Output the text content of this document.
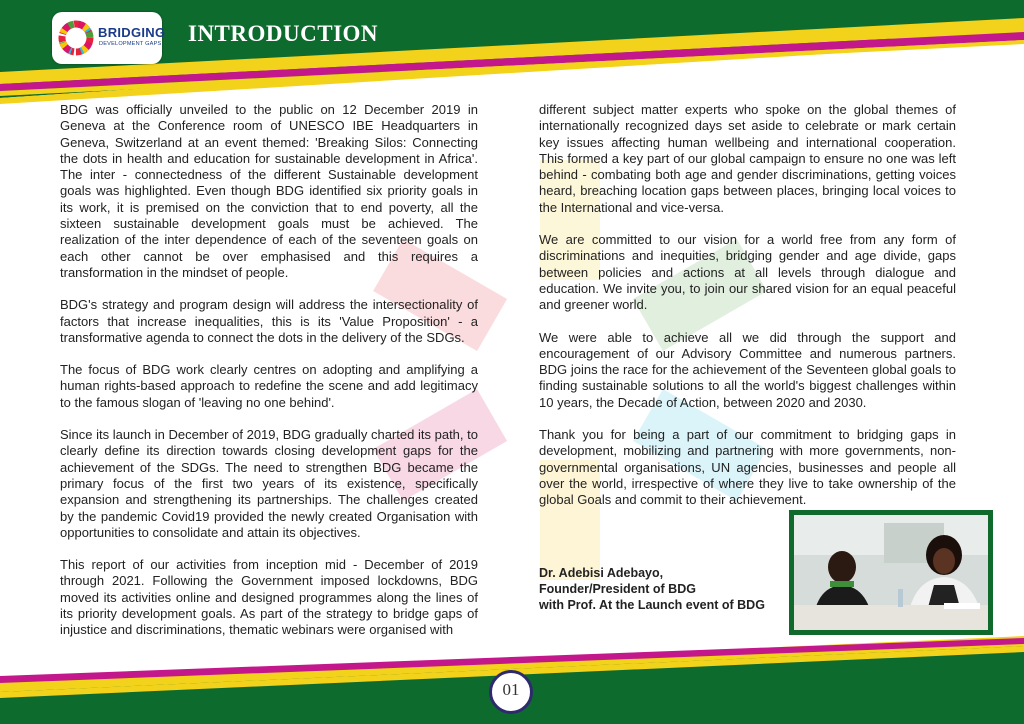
BRIDGING
DEVELOPMENT GAPS INTRODUCTION

BDG was officially unveiled to the public on 12 December 2019 in Geneva at the Conference room of UNESCO IBE Headquarters in Geneva, Switzerland at an event themed: 'Breaking Silos: Connecting the dots in health and education for sustainable development in Africa'. The inter - connectedness of the different Sustainable development goals was highlighted. Even though BDG identified six priority goals in its work, it is premised on the conviction that to end poverty, all the sixteen sustainable development goals must be achieved. The realization of the inter dependence of each of the seventeen goals on each other cannot be over emphasised and this requires a transformation in the mindset of people.

BDG's strategy and program design will address the intersectionality of factors that increase inequalities, this is its 'Value Proposition' - a transformative agenda to connect the dots in the delivery of the SDGs.

The focus of BDG work clearly centres on adopting and amplifying a human rights-based approach to redefine the scene and add legitimacy to the famous slogan of 'leaving no one behind'.

Since its launch in December of 2019, BDG gradually charted its path, to clearly define its direction towards closing development gaps for the achievement of the SDGs. The need to strengthen BDG became the primary focus of the first two years of its existence, specifically expansion and strengthening its partnerships. The challenges created by the pandemic Covid19 provided the newly created Organisation with opportunities to consolidate and attain its objectives.

This report of our activities from inception mid - December of 2019 through 2021. Following the Government imposed lockdowns, BDG moved its activities online and designed programmes along the lines of its priority development goals. As part of the strategy to bridge gaps of injustice and discriminations, thematic webinars were organised with

different subject matter experts who spoke on the global themes of internationally recognized days set aside to celebrate or mark certain key issues affecting human wellbeing and international cooperation. This formed a key part of our global campaign to ensure no one was left behind - combating both age and gender discriminations, getting voices heard, breaching location gaps between places, bringing local voices to the International and vice-versa.

We are committed to our vision for a world free from any form of discriminations and inequities, bridging gender and age divide, gaps between policies and actions at all levels through dialogue and education. We invite you, to join our shared vision for an equal peaceful and greener world.

We were able to achieve all we did through the support and encouragement of our Advisory Committee and numerous partners. BDG joins the race for the achievement of the Seventeen global goals to finding sustainable solutions to all the world's biggest challenges within 10 years, the Decade of Action, between 2020 and 2030.

Thank you for being a part of our commitment to bridging gaps in development, mobilizing and partnering with more governments, non-governmental organisations, UN agencies, businesses and people all over the world, irrespective of where they live to take ownership of the global Goals and commit to their achievement.

Dr. Adebisi Adebayo,
Founder/President of BDG
with Prof. At the Launch event of BDG
01
